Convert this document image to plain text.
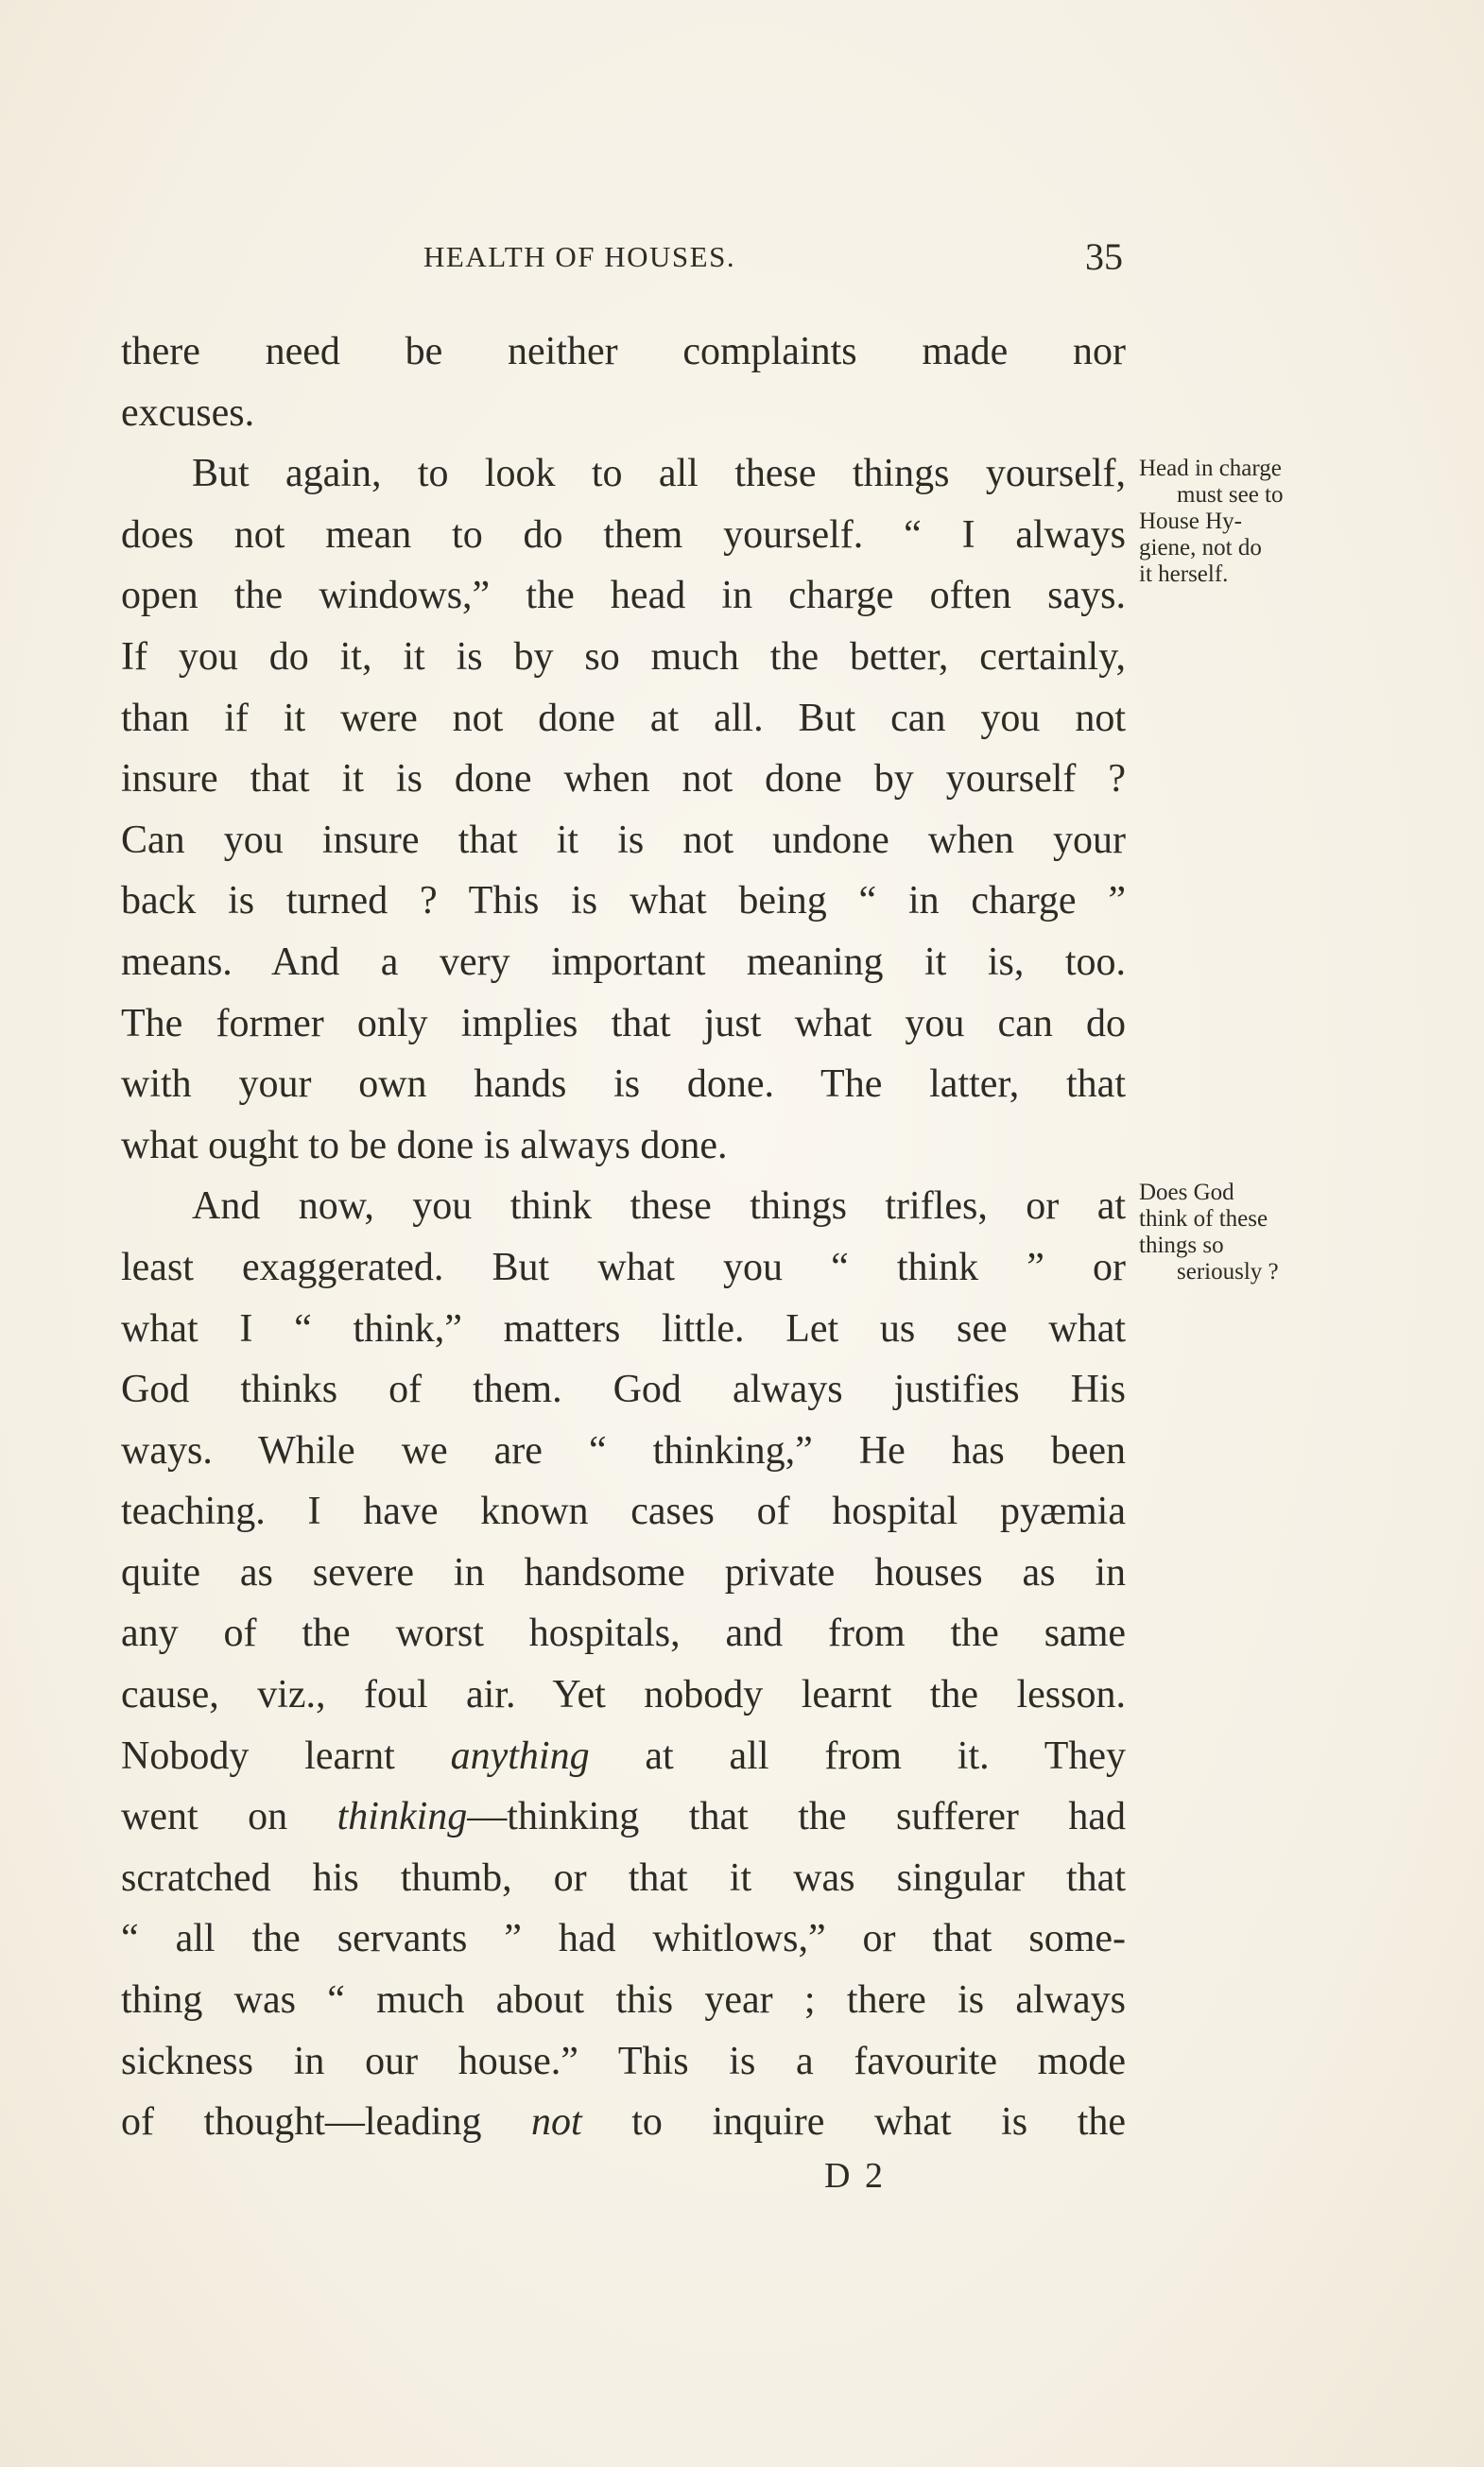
HEALTH OF HOUSES.	35
there need be neither complaints made nor
excuses.
But again, to look to all these things yourself,
does not mean to do them yourself. “ I always
open the windows,” the head in charge often says.
If you do it, it is by so much the better, certainly,
than if it were not done at all. But can you not
insure that it is done when not done by yourself ?
Can you insure that it is not undone when your
back is turned ? This is what being “ in charge ”
means. And a very important meaning it is, too.
The former only implies that just what you can do
with your own hands is done. The latter, that
what ought to be done is always done.
And now, you think these things trifles, or at
least exaggerated. But what you “ think ” or
what I “ think,” matters little. Let us see what
God thinks of them. God always justifies His
ways. While we are “ thinking,” He has been
teaching. I have known cases of hospital pyæmia
quite as severe in handsome private houses as in
any of the worst hospitals, and from the same
cause, viz., foul air. Yet nobody learnt the lesson.
Nobody learnt anything at all from it. They
went on thinking—thinking that the sufferer had
scratched his thumb, or that it was singular that
“ all the servants ” had whitlows,” or that some-
thing was “ much about this year ; there is always
sickness in our house.” This is a favourite mode
of thought—leading not to inquire what is the
Head in charge
must see to
House Hy-
giene, not do
it herself.
Does God
think of these
things so
seriously ?
D 2
